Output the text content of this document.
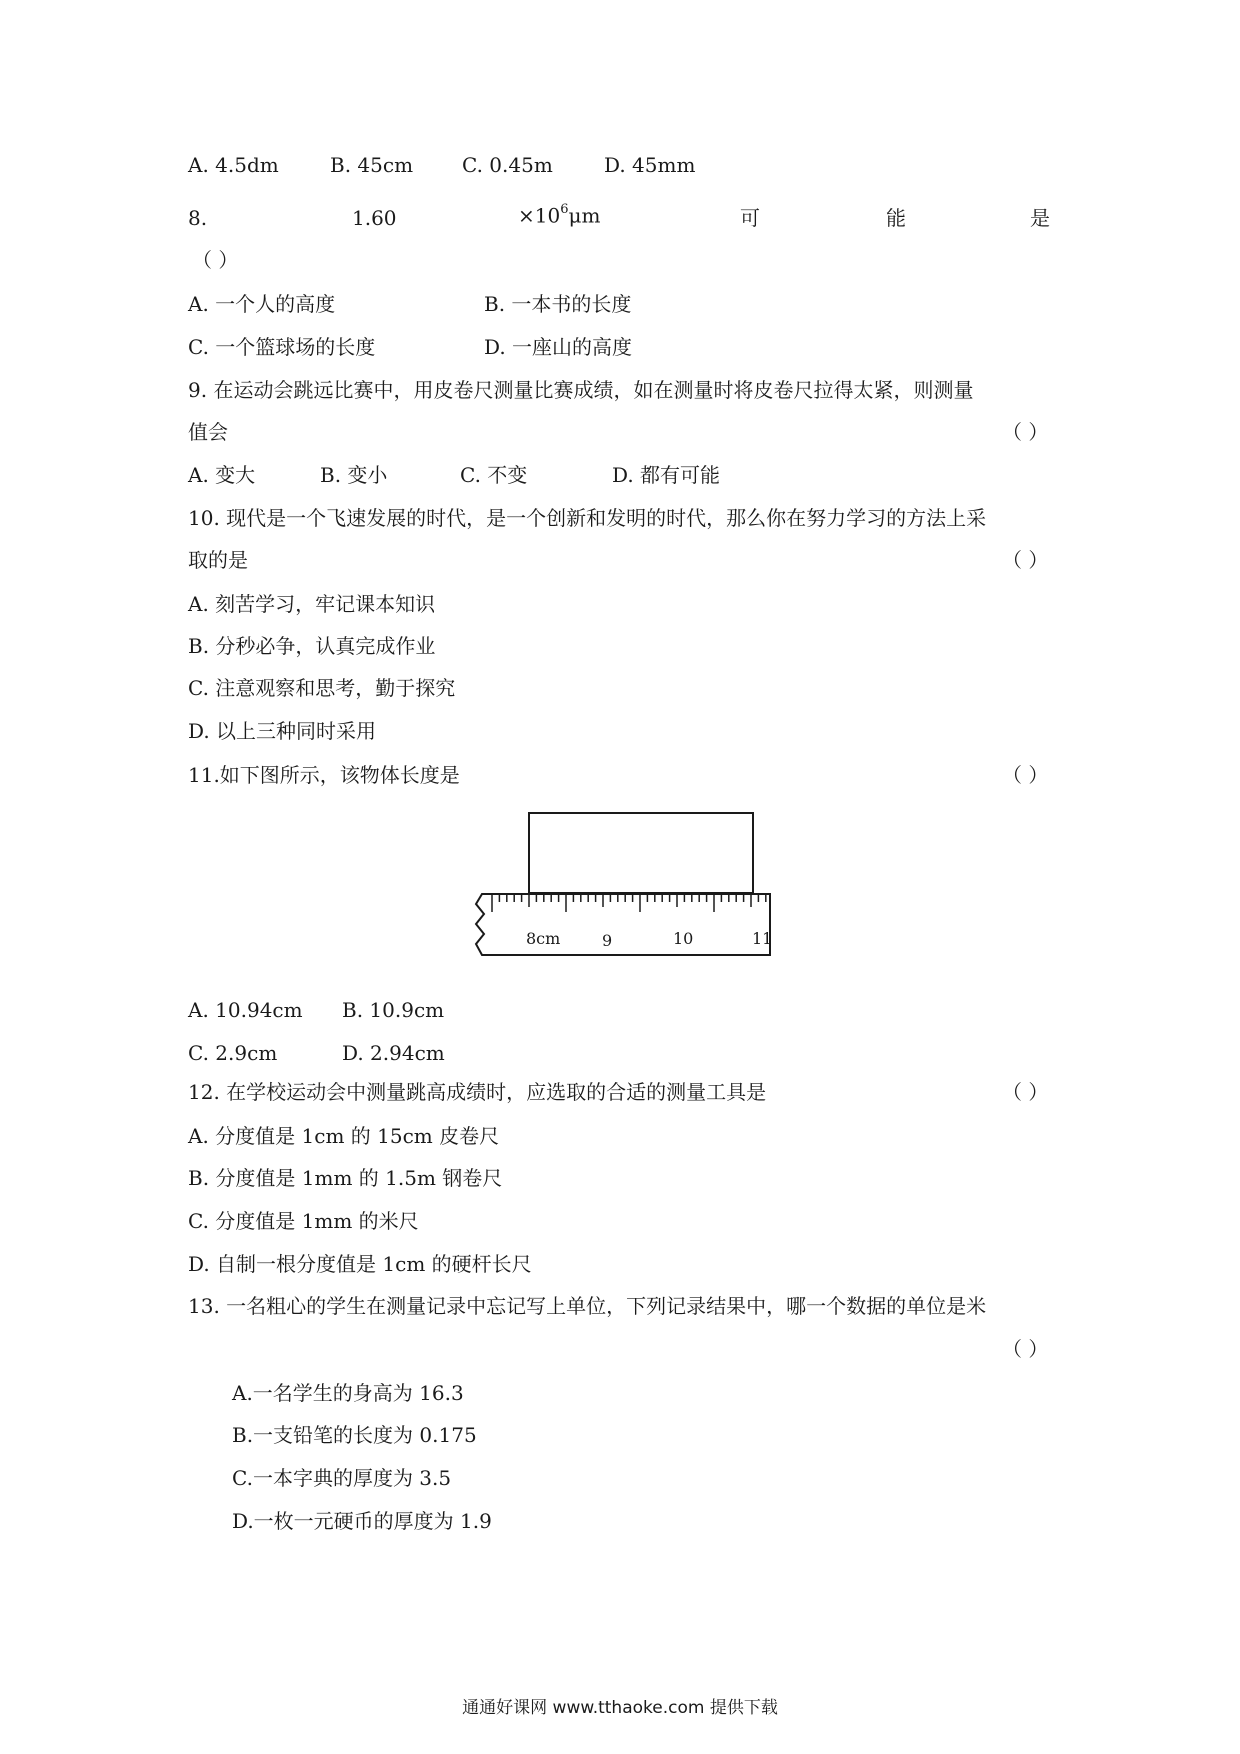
A. 4.5dm	B. 45cm C. 0.45m	D. 45mm
8.	1.60	$\times 10^6\mu m$	可	能	是
（ ）
A. 一个人的高度	B. 一本书的长度
C. 一个篮球场的长度	D. 一座山的高度
9. 在运动会跳远比赛中，用皮卷尺测量比赛成绩，如在测量时将皮卷尺拉得太紧，则测量
值会	（ ）
A. 变大	B. 变小	C. 不变	D. 都有可能
10. 现代是一个飞速发展的时代，是一个创新和发明的时代，那么你在努力学习的方法上采
取的是	（ ）
A. 刻苦学习，牢记课本知识
B. 分秒必争，认真完成作业
C. 注意观察和思考，勤于探究
D. 以上三种同时采用
11.如下图所示，该物体长度是	（ ）
8cm	9	10	11
A. 10.94cm B. 10.9cm
C. 2.9cm	D. 2.94cm
12. 在学校运动会中测量跳高成绩时，应选取的合适的测量工具是	（ ）
A. 分度值是 1cm 的 15cm 皮卷尺
B. 分度值是 1mm 的 1.5m 钢卷尺
C. 分度值是 1mm 的米尺
D. 自制一根分度值是 1cm 的硬杆长尺
13. 一名粗心的学生在测量记录中忘记写上单位，下列记录结果中，哪一个数据的单位是米
（ ）
A.一名学生的身高为 16.3
B.一支铅笔的长度为 0.175
C.一本字典的厚度为 3.5
D.一枚一元硬币的厚度为 1.9
通通好课网 www.tthaoke.com 提供下载
